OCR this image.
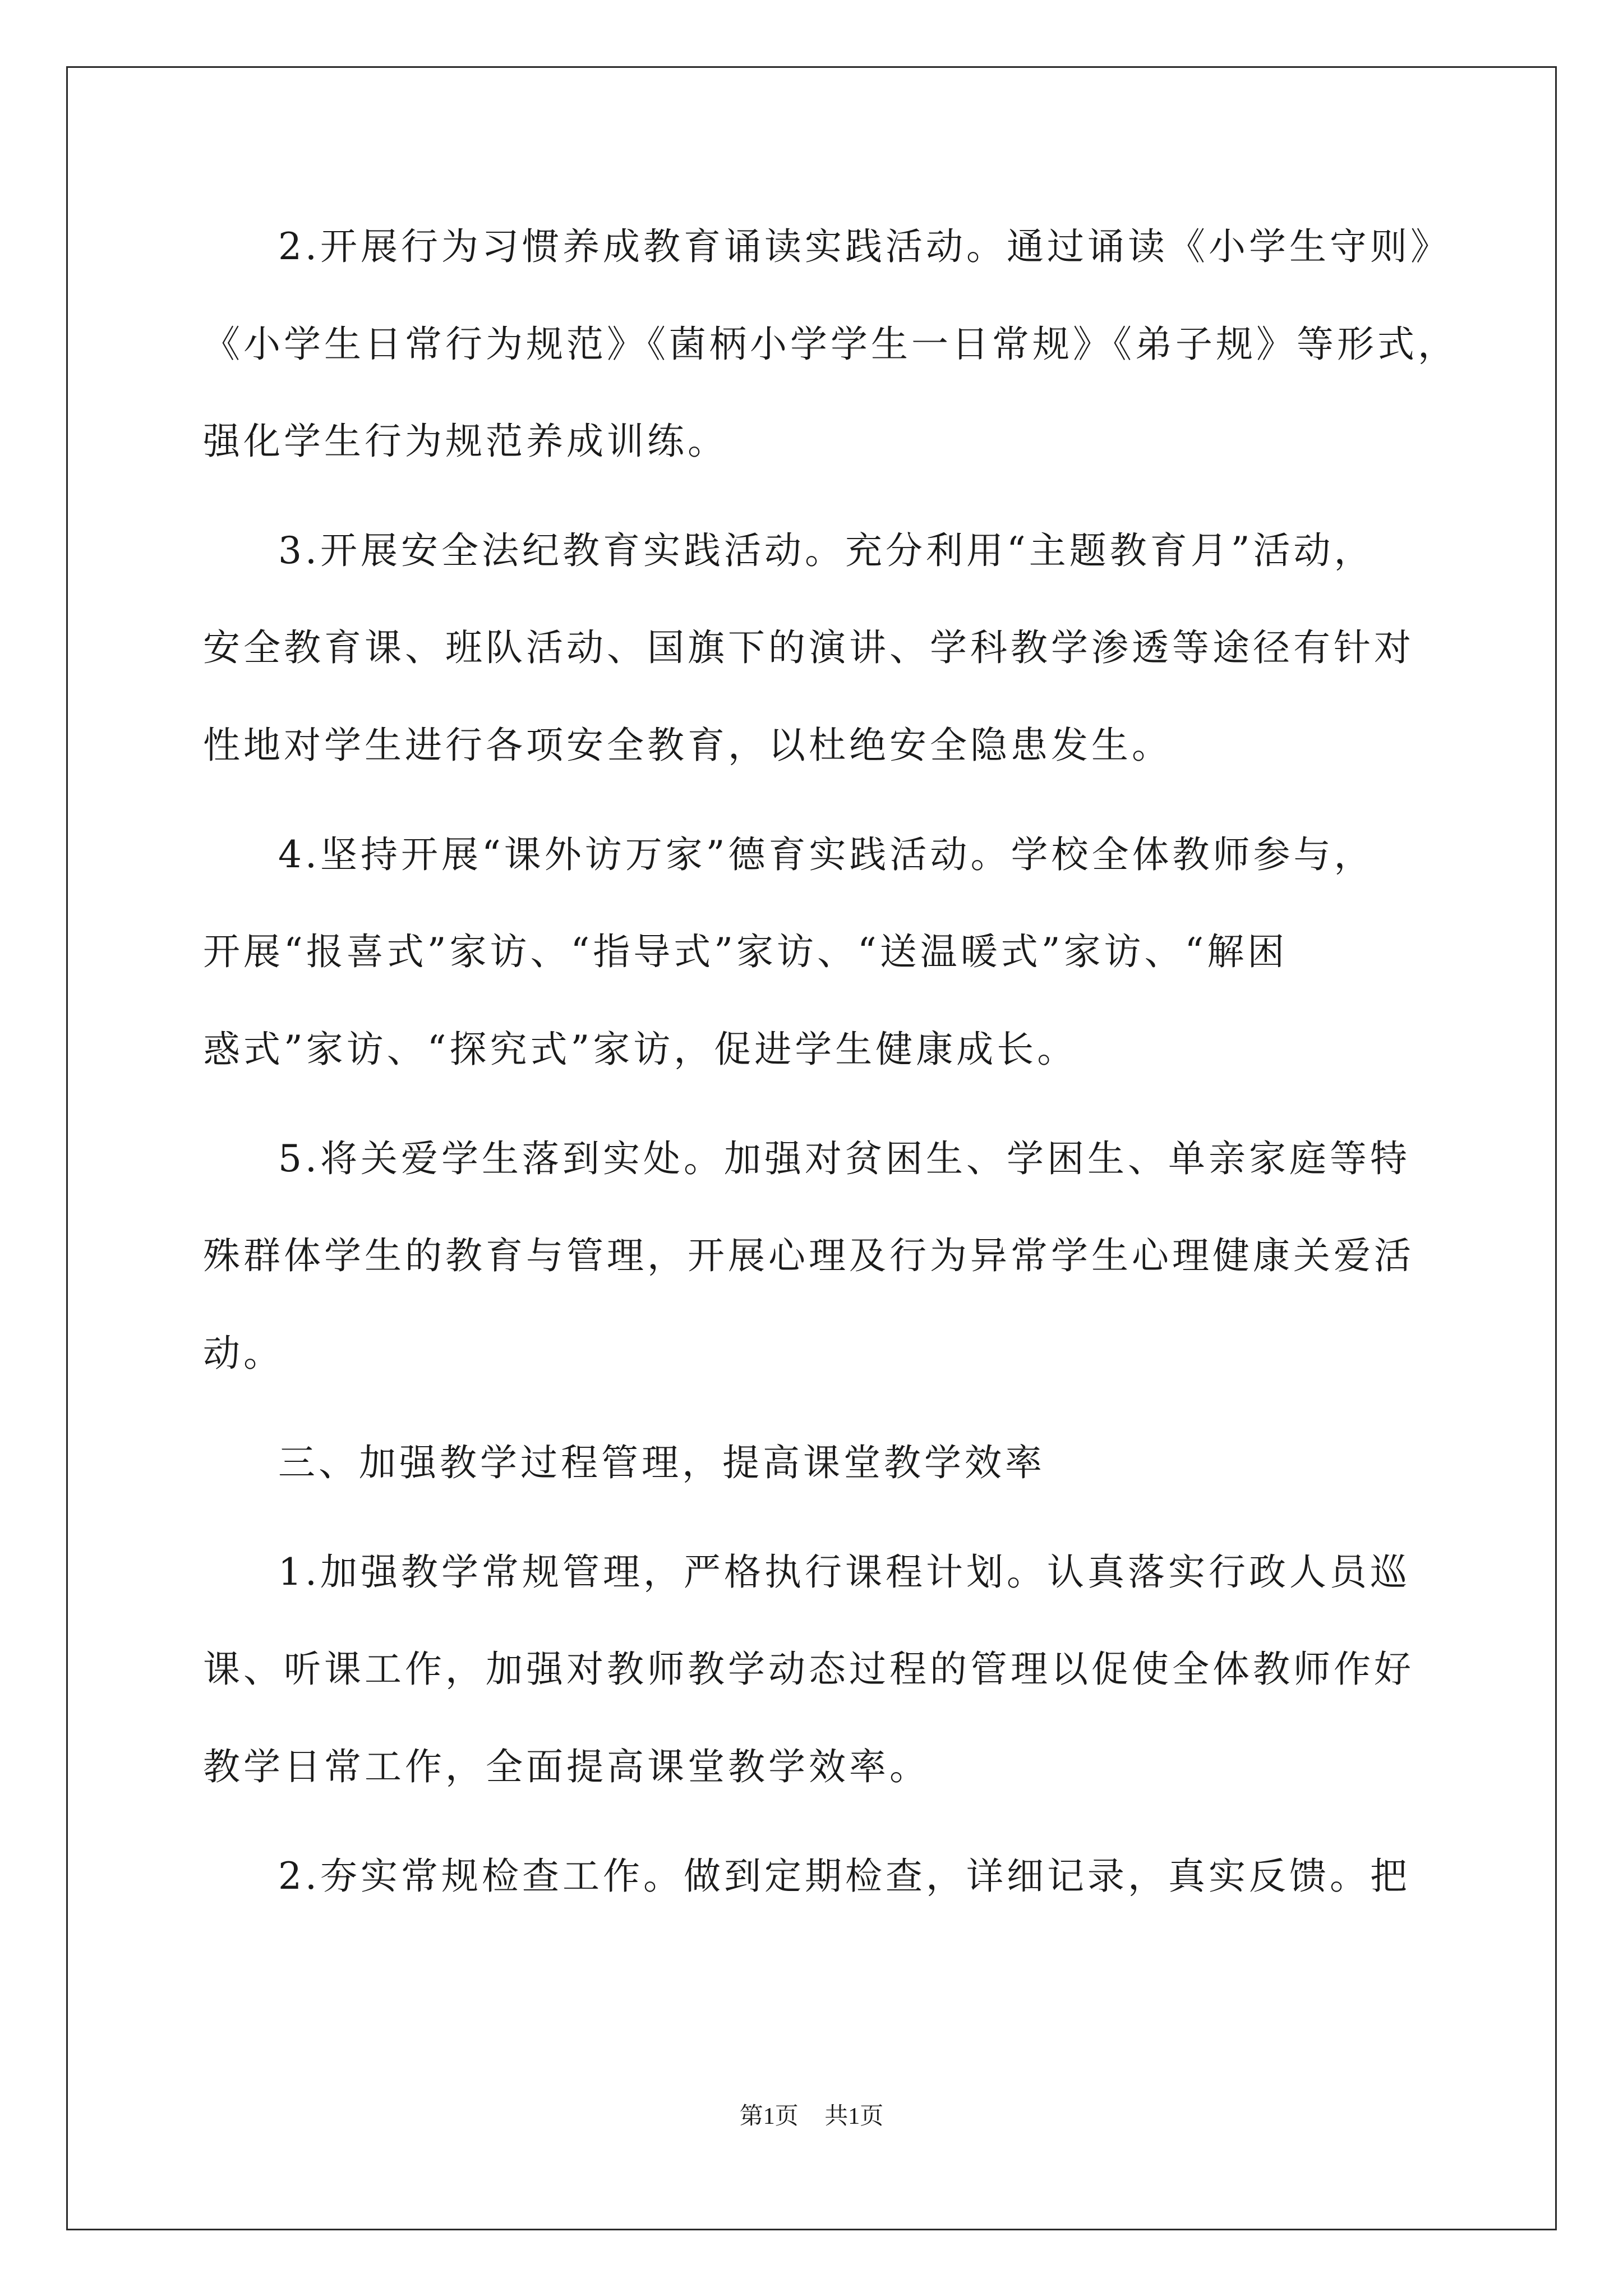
2.开展行为习惯养成教育诵读实践活动。通过诵读《小学生守则》
《小学生日常行为规范》《菌柄小学学生一日常规》《弟子规》等形式，
强化学生行为规范养成训练。
3.开展安全法纪教育实践活动。充分利用“主题教育月”活动，
安全教育课、班队活动、国旗下的演讲、学科教学渗透等途径有针对
性地对学生进行各项安全教育，以杜绝安全隐患发生。
4.坚持开展“课外访万家”德育实践活动。学校全体教师参与，
开展“报喜式”家访、“指导式”家访、“送温暖式”家访、“解困
惑式”家访、“探究式”家访，促进学生健康成长。
5.将关爱学生落到实处。加强对贫困生、学困生、单亲家庭等特
殊群体学生的教育与管理，开展心理及行为异常学生心理健康关爱活
动。
三、加强教学过程管理，提高课堂教学效率
1.加强教学常规管理，严格执行课程计划。认真落实行政人员巡
课、听课工作，加强对教师教学动态过程的管理以促使全体教师作好
教学日常工作，全面提高课堂教学效率。
2.夯实常规检查工作。做到定期检查，详细记录，真实反馈。把
第1页 共1页
